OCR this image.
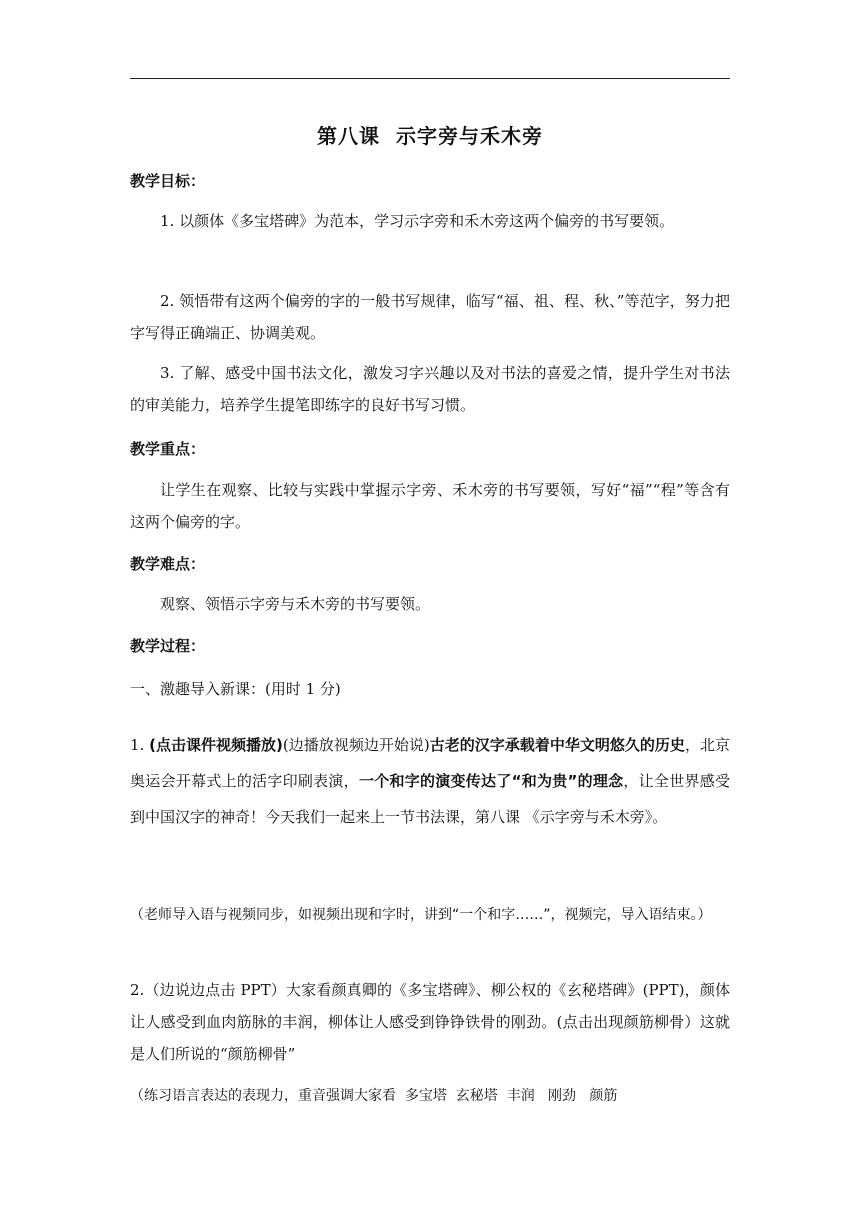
第八课  示字旁与禾木旁
教学目标：

1. 以颜体《多宝塔碑》为范本，学习示字旁和禾木旁这两个偏旁的书写要领。

2. 领悟带有这两个偏旁的字的一般书写规律，临写“福、祖、程、秋、”等范字，努力把字写得正确端正、协调美观。

3. 了解、感受中国书法文化，激发习字兴趣以及对书法的喜爱之情，提升学生对书法的审美能力，培养学生提笔即练字的良好书写习惯。

教学重点：

让学生在观察、比较与实践中掌握示字旁、禾木旁的书写要领，写好“福”“程”等含有这两个偏旁的字。

教学难点：

观察、领悟示字旁与禾木旁的书写要领。

教学过程：

一、激趣导入新课：(用时 1 分)

1. (点击课件视频播放)(边播放视频边开始说)古老的汉字承载着中华文明悠久的历史，北京奥运会开幕式上的活字印刷表演，一个和字的演变传达了“和为贵”的理念，让全世界感受到中国汉字的神奇！今天我们一起来上一节书法课，第八课 《示字旁与禾木旁》。

（老师导入语与视频同步，如视频出现和字时，讲到“一个和字……”，视频完，导入语结束。）

2.（边说边点击 PPT）大家看颜真卿的《多宝塔碑》、柳公权的《玄秘塔碑》(PPT)，颜体让人感受到血肉筋脉的丰润，柳体让人感受到铮铮铁骨的刚劲。(点击出现颜筋柳骨）这就是人们所说的“颜筋柳骨”

（练习语言表达的表现力，重音强调大家看  多宝塔  玄秘塔  丰润   刚劲   颜筋
